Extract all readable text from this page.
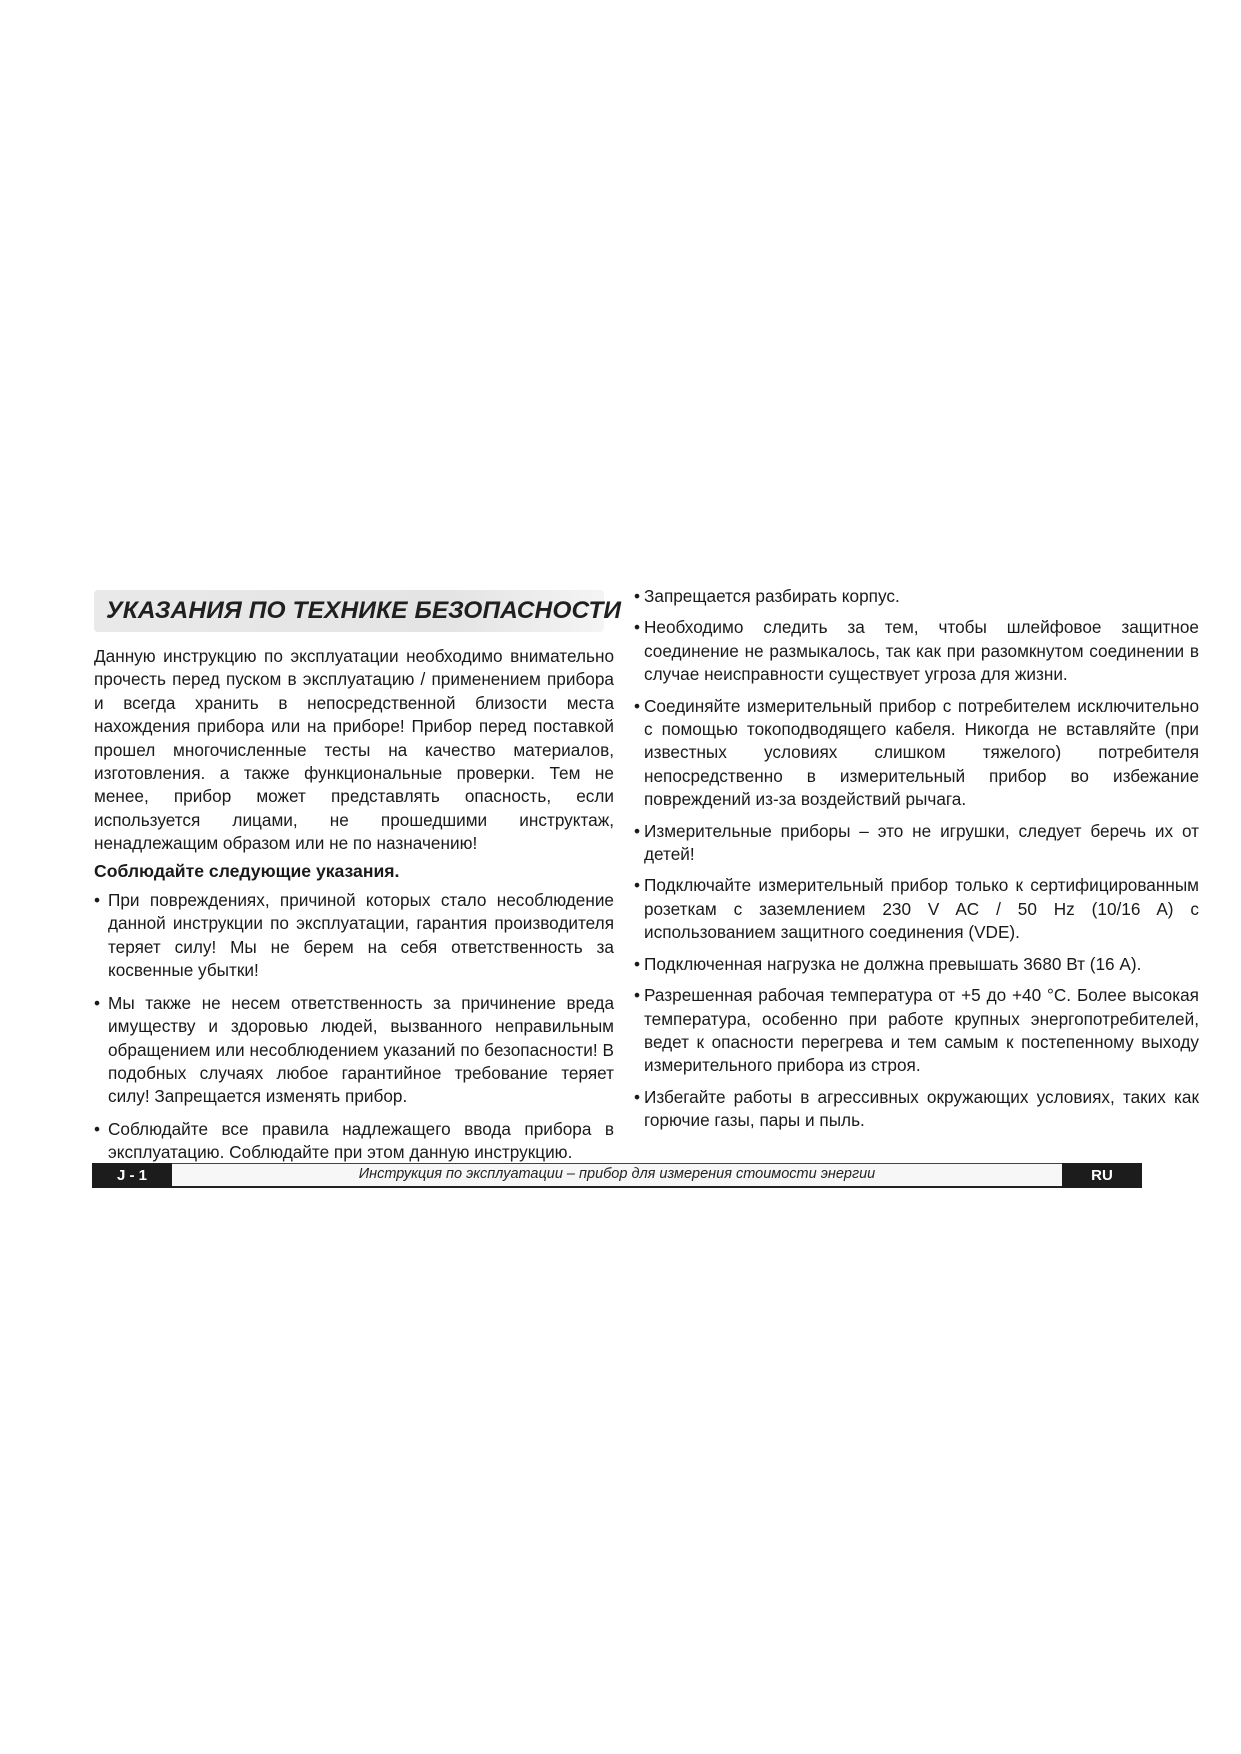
УКАЗАНИЯ ПО ТЕХНИКЕ БЕЗОПАСНОСТИ

Данную инструкцию по эксплуатации необходимо внимательно прочесть перед пуском в эксплуатацию / применением прибора и всегда хранить в непосредственной близости места нахождения прибора или на приборе! Прибор перед поставкой прошел многочисленные тесты на качество материалов, изготовления. а также функциональные проверки. Тем не менее, прибор может представлять опасность, если используется лицами, не прошедшими инструктаж, ненадлежащим образом или не по назначению!

Соблюдайте следующие указания.

• При повреждениях, причиной которых стало несоблюдение данной инструкции по эксплуатации, гарантия производителя теряет силу! Мы не берем на себя ответственность за косвенные убытки!
• Мы также не несем ответственность за причинение вреда имуществу и здоровью людей, вызванного неправильным обращением или несоблюдением указаний по безопасности! В подобных случаях любое гарантийное требование теряет силу! Запрещается изменять прибор.
• Соблюдайте все правила надлежащего ввода прибора в эксплуатацию. Соблюдайте при этом данную инструкцию.
• Запрещается разбирать корпус.
• Необходимо следить за тем, чтобы шлейфовое защитное соединение не размыкалось, так как при разомкнутом соединении в случае неисправности существует угроза для жизни.
• Соединяйте измерительный прибор с потребителем исключительно с помощью токоподводящего кабеля. Никогда не вставляйте (при известных условиях слишком тяжелого) потребителя непосредственно в измерительный прибор во избежание повреждений из-за воздействий рычага.
• Измерительные приборы – это не игрушки, следует беречь их от детей!
• Подключайте измерительный прибор только к сертифицированным розеткам с заземлением 230 V AC / 50 Hz (10/16 A) с использованием защитного соединения (VDE).
• Подключенная нагрузка не должна превышать 3680 Вт (16 A).
• Разрешенная рабочая температура от +5 до +40 °C. Более высокая температура, особенно при работе крупных энергопотребителей, ведет к опасности перегрева и тем самым к постепенному выходу измерительного прибора из строя.
• Избегайте работы в агрессивных окружающих условиях, таких как горючие газы, пары и пыль.
J - 1	Инструкция по эксплуатации – прибор для измерения стоимости энергии	RU
